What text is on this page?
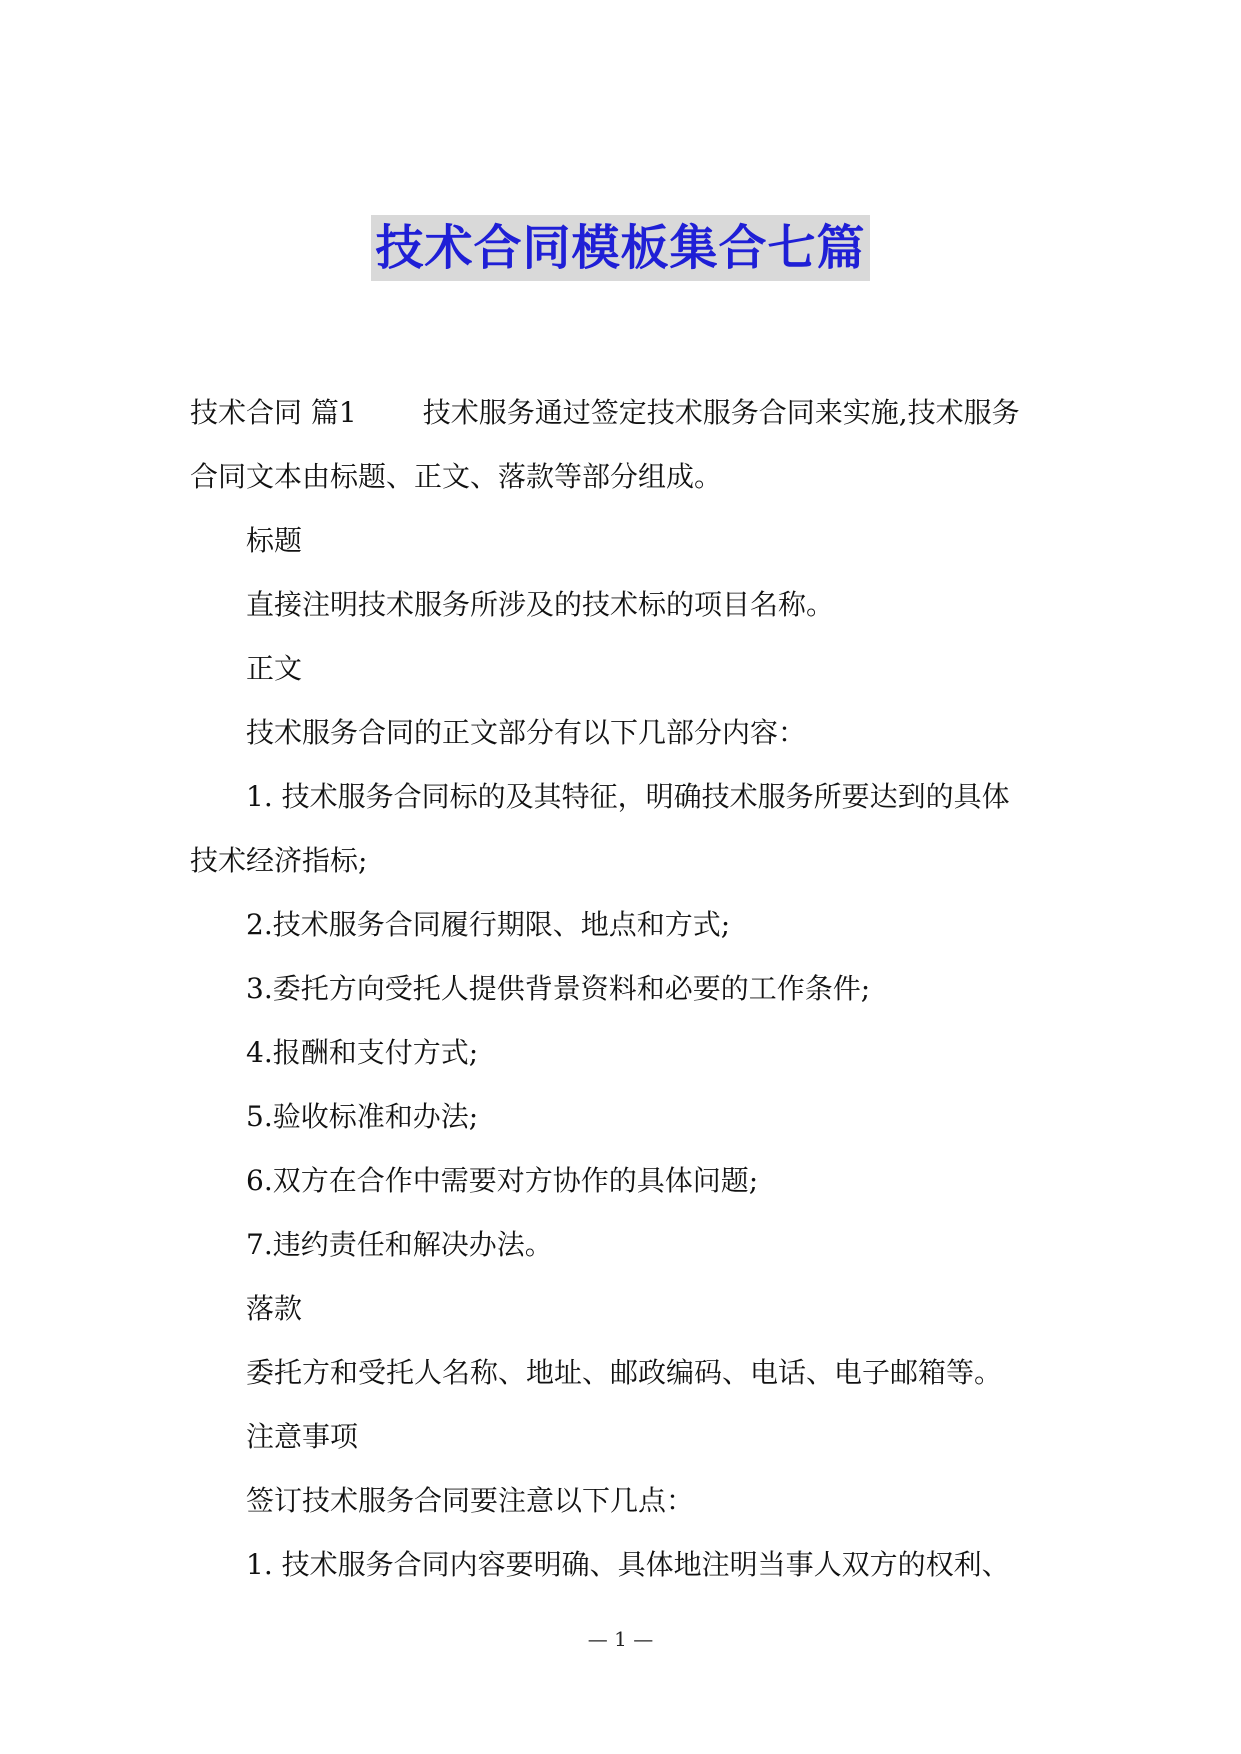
技术合同模板集合七篇

技术合同 篇1 技术服务通过签定技术服务合同来实施,技术服务
合同文本由标题、正文、落款等部分组成。

标题

直接注明技术服务所涉及的技术标的项目名称。

正文

技术服务合同的正文部分有以下几部分内容：

1. 技术服务合同标的及其特征，明确技术服务所要达到的具体
技术经济指标;

2.技术服务合同履行期限、地点和方式;

3.委托方向受托人提供背景资料和必要的工作条件;

4.报酬和支付方式;

5.验收标准和办法;

6.双方在合作中需要对方协作的具体问题;

7.违约责任和解决办法。

落款

委托方和受托人名称、地址、邮政编码、电话、电子邮箱等。

注意事项

签订技术服务合同要注意以下几点：

1. 技术服务合同内容要明确、具体地注明当事人双方的权利、

— 1 —
